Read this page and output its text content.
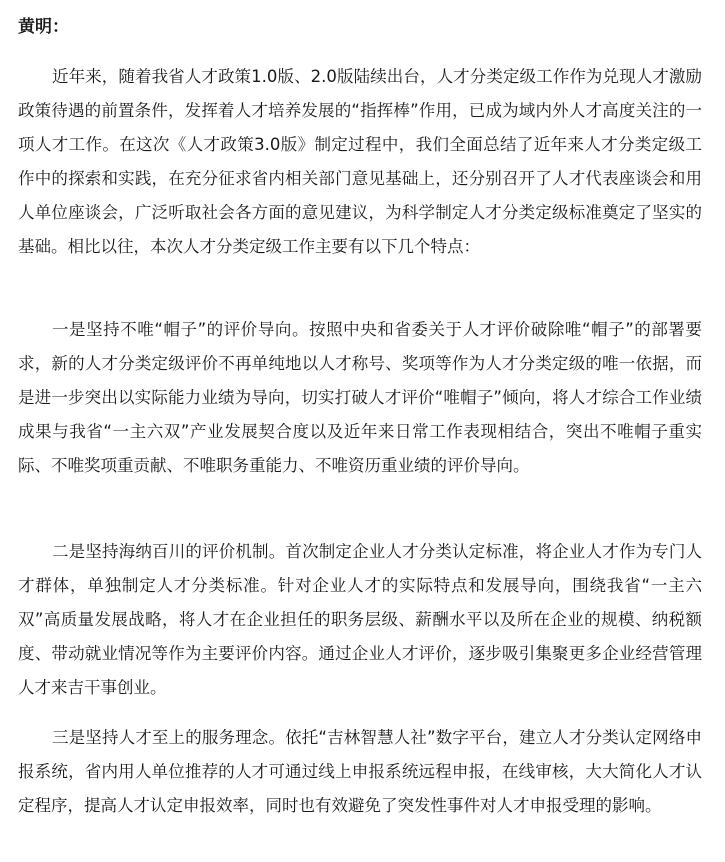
黄明：

近年来，随着我省人才政策1.0版、2.0版陆续出台，人才分类定级工作作为兑现人才激励政策待遇的前置条件，发挥着人才培养发展的“指挥棒”作用，已成为域内外人才高度关注的一项人才工作。在这次《人才政策3.0版》制定过程中，我们全面总结了近年来人才分类定级工作中的探索和实践，在充分征求省内相关部门意见基础上，还分别召开了人才代表座谈会和用人单位座谈会，广泛听取社会各方面的意见建议，为科学制定人才分类定级标准奠定了坚实的基础。相比以往，本次人才分类定级工作主要有以下几个特点：

一是坚持不唯“帽子”的评价导向。按照中央和省委关于人才评价破除唯“帽子”的部署要求，新的人才分类定级评价不再单纯地以人才称号、奖项等作为人才分类定级的唯一依据，而是进一步突出以实际能力业绩为导向，切实打破人才评价“唯帽子”倾向，将人才综合工作业绩成果与我省“一主六双”产业发展契合度以及近年来日常工作表现相结合，突出不唯帽子重实际、不唯奖项重贡献、不唯职务重能力、不唯资历重业绩的评价导向。

二是坚持海纳百川的评价机制。首次制定企业人才分类认定标准，将企业人才作为专门人才群体，单独制定人才分类标准。针对企业人才的实际特点和发展导向，围绕我省“一主六双”高质量发展战略，将人才在企业担任的职务层级、薪酬水平以及所在企业的规模、纳税额度、带动就业情况等作为主要评价内容。通过企业人才评价，逐步吸引集聚更多企业经营管理人才来吉干事创业。

三是坚持人才至上的服务理念。依托“吉林智慧人社”数字平台，建立人才分类认定网络申报系统，省内用人单位推荐的人才可通过线上申报系统远程申报，在线审核，大大简化人才认定程序，提高人才认定申报效率，同时也有效避免了突发性事件对人才申报受理的影响。
